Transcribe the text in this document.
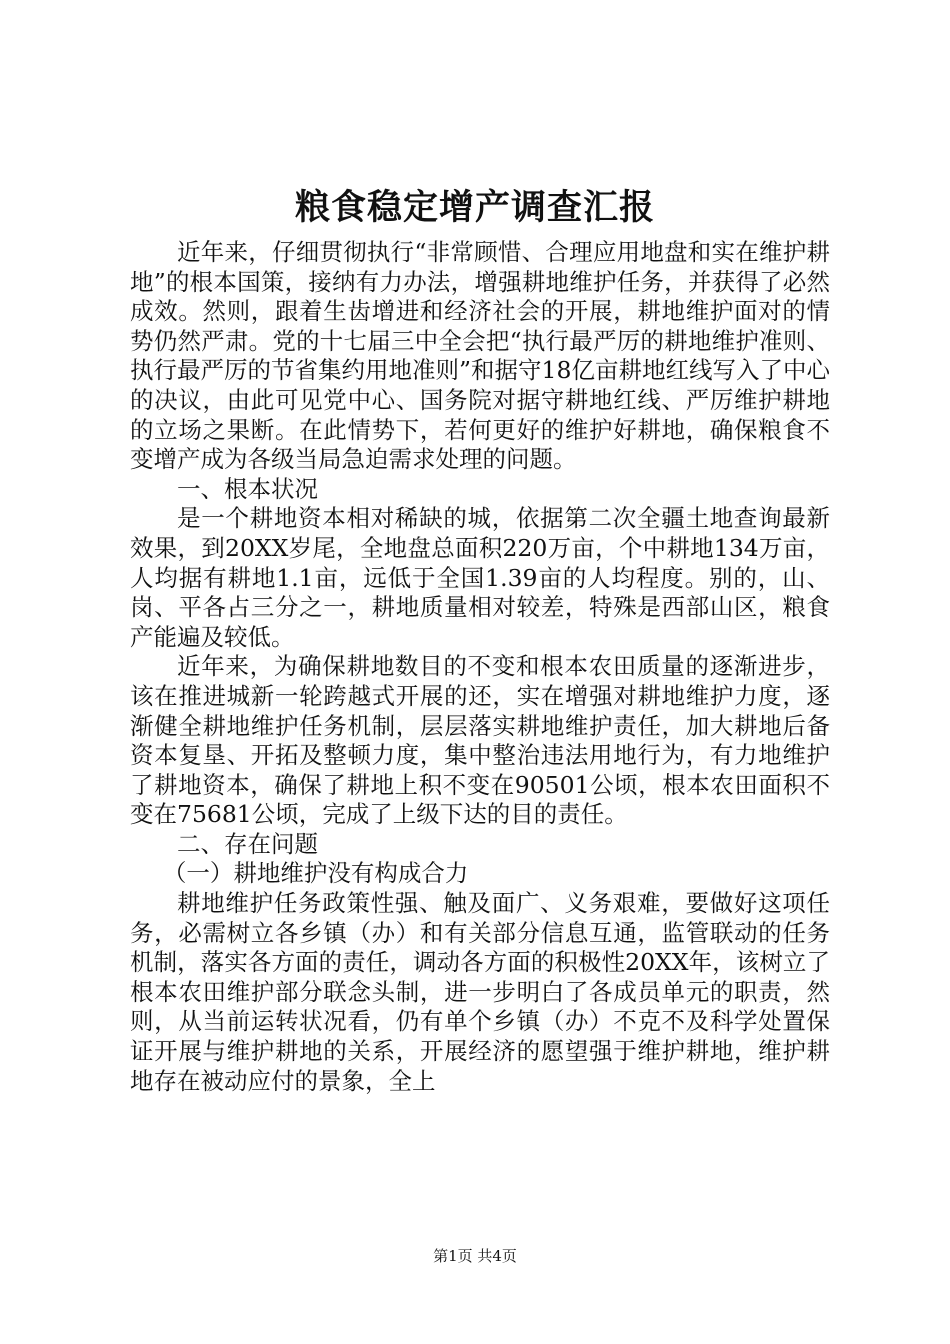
粮食稳定增产调查汇报

近年来，仔细贯彻执行“非常顾惜、合理应用地盘和实在维护耕地”的根本国策，接纳有力办法，增强耕地维护任务，并获得了必然成效。然则，跟着生齿增进和经济社会的开展，耕地维护面对的情势仍然严肃。党的十七届三中全会把“执行最严厉的耕地维护准则、执行最严厉的节省集约用地准则”和据守18亿亩耕地红线写入了中心的决议，由此可见党中心、国务院对据守耕地红线、严厉维护耕地的立场之果断。在此情势下，若何更好的维护好耕地，确保粮食不变增产成为各级当局急迫需求处理的问题。

一、根本状况

是一个耕地资本相对稀缺的城，依据第二次全疆土地查询最新效果，到20XX岁尾，全地盘总面积220万亩，个中耕地134万亩，人均据有耕地1.1亩，远低于全国1.39亩的人均程度。别的，山、岗、平各占三分之一，耕地质量相对较差，特殊是西部山区，粮食产能遍及较低。

近年来，为确保耕地数目的不变和根本农田质量的逐渐进步，该在推进城新一轮跨越式开展的还，实在增强对耕地维护力度，逐渐健全耕地维护任务机制，层层落实耕地维护责任，加大耕地后备资本复垦、开拓及整顿力度，集中整治违法用地行为，有力地维护了耕地资本，确保了耕地上积不变在90501公顷，根本农田面积不变在75681公顷，完成了上级下达的目的责任。

二、存在问题

（一）耕地维护没有构成合力

耕地维护任务政策性强、触及面广、义务艰难，要做好这项任务，必需树立各乡镇（办）和有关部分信息互通，监管联动的任务机制，落实各方面的责任，调动各方面的积极性20XX年，该树立了根本农田维护部分联念头制，进一步明白了各成员单元的职责，然则，从当前运转状况看，仍有单个乡镇（办）不克不及科学处置保证开展与维护耕地的关系，开展经济的愿望强于维护耕地，维护耕地存在被动应付的景象，全上

第1页 共4页
